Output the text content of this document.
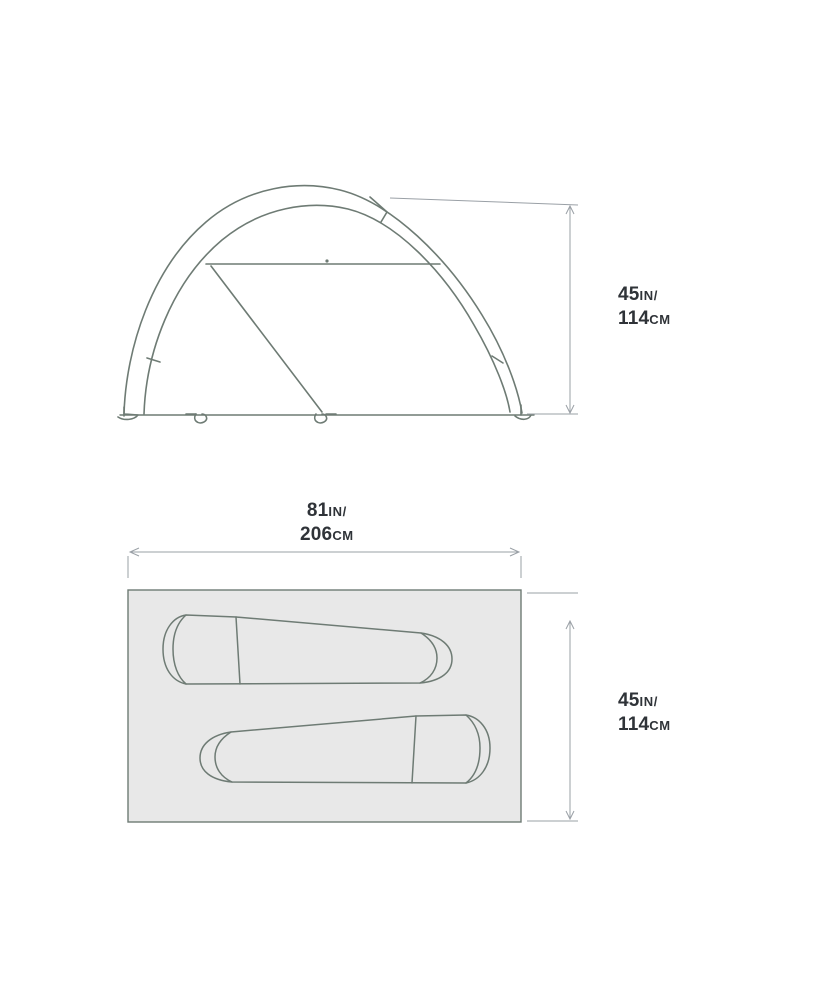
45IN/
114CM
81IN/
206CM
45IN/
114CM
